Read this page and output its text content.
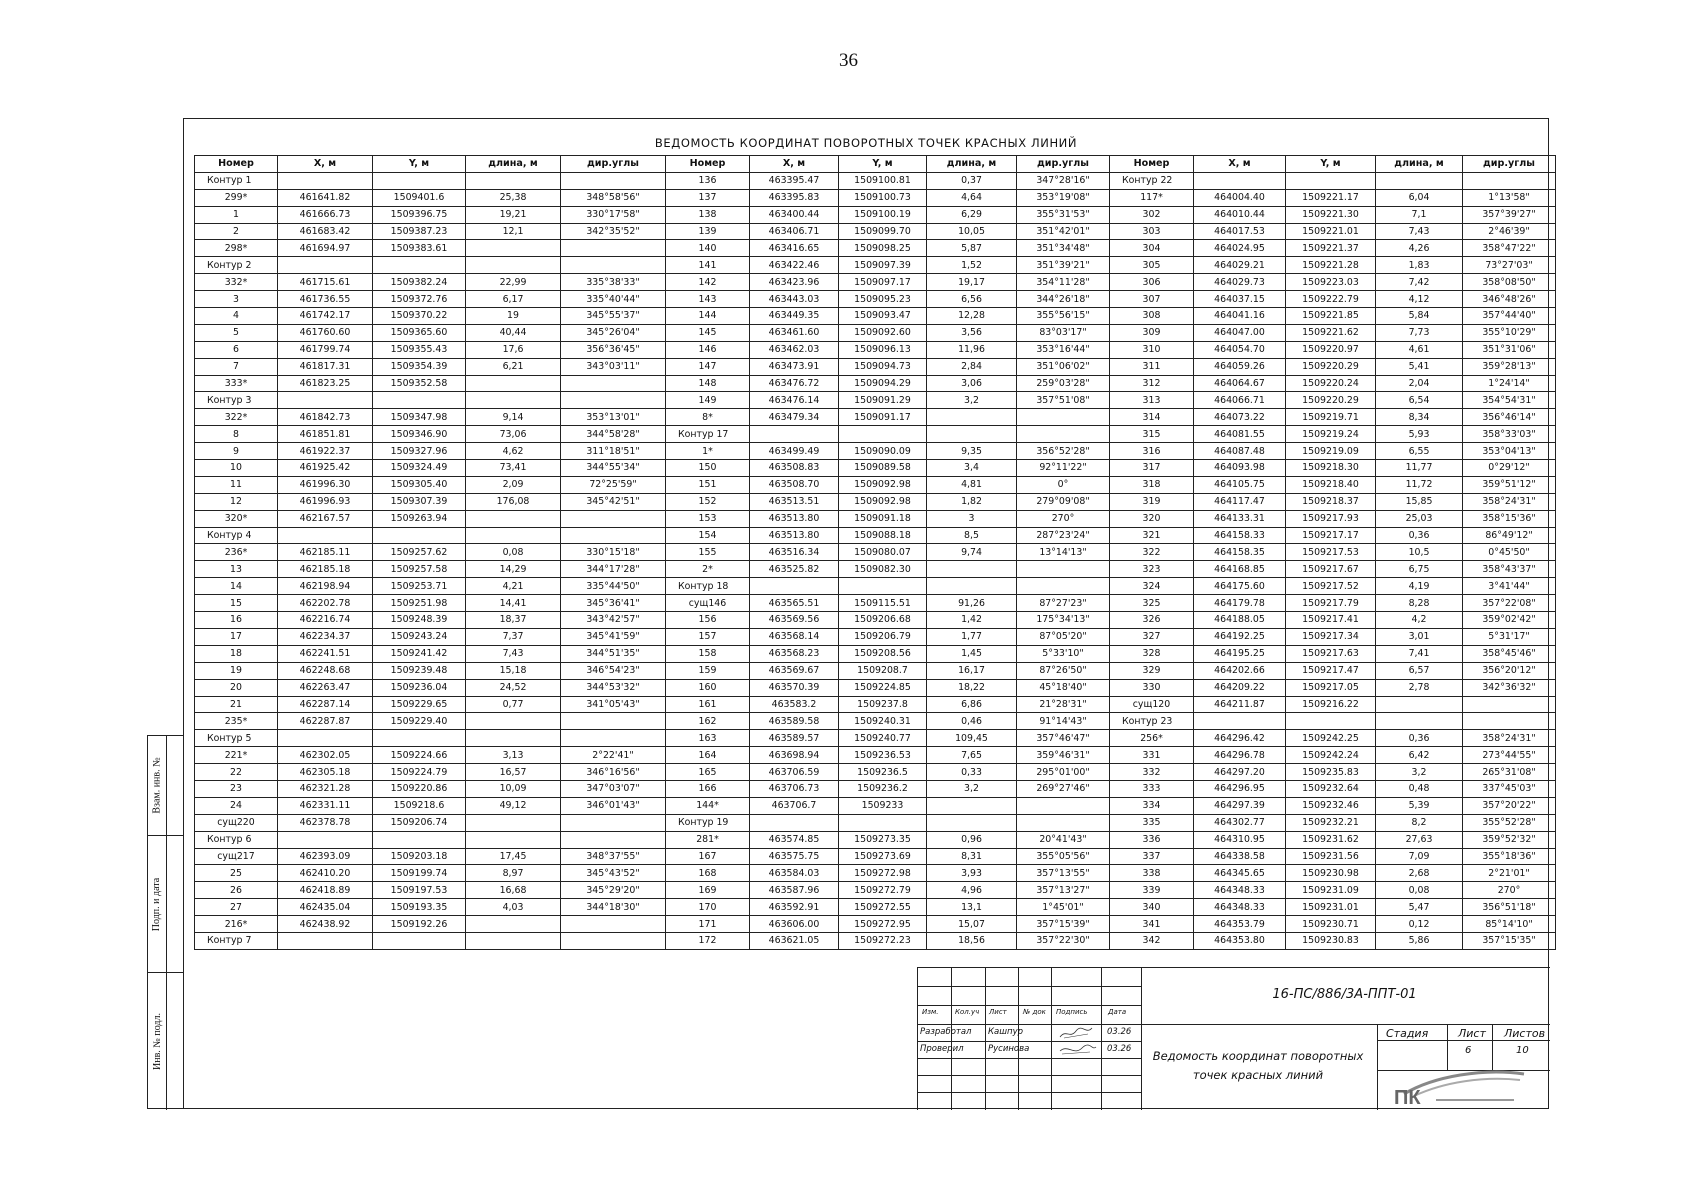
36
Взам. инв. №
Подп. и дата
Инв. № подл.
ВЕДОМОСТЬ КООРДИНАТ ПОВОРОТНЫХ ТОЧЕК КРАСНЫХ ЛИНИЙ
Номер	X, м	Y, м	длина, м	дир.углы	Номер	X, м	Y, м	длина, м	дир.углы	Номер	X, м	Y, м	длина, м	дир.углы
Контур 1					136	463395.47	1509100.81	0,37	347°28'16"	Контур 22				
299*	461641.82	1509401.6	25,38	348°58'56"	137	463395.83	1509100.73	4,64	353°19'08"	117*	464004.40	1509221.17	6,04	1°13'58"
1	461666.73	1509396.75	19,21	330°17'58"	138	463400.44	1509100.19	6,29	355°31'53"	302	464010.44	1509221.30	7,1	357°39'27"
2	461683.42	1509387.23	12,1	342°35'52"	139	463406.71	1509099.70	10,05	351°42'01"	303	464017.53	1509221.01	7,43	2°46'39"
298*	461694.97	1509383.61			140	463416.65	1509098.25	5,87	351°34'48"	304	464024.95	1509221.37	4,26	358°47'22"
Контур 2					141	463422.46	1509097.39	1,52	351°39'21"	305	464029.21	1509221.28	1,83	73°27'03"
332*	461715.61	1509382.24	22,99	335°38'33"	142	463423.96	1509097.17	19,17	354°11'28"	306	464029.73	1509223.03	7,42	358°08'50"
3	461736.55	1509372.76	6,17	335°40'44"	143	463443.03	1509095.23	6,56	344°26'18"	307	464037.15	1509222.79	4,12	346°48'26"
4	461742.17	1509370.22	19	345°55'37"	144	463449.35	1509093.47	12,28	355°56'15"	308	464041.16	1509221.85	5,84	357°44'40"
5	461760.60	1509365.60	40,44	345°26'04"	145	463461.60	1509092.60	3,56	83°03'17"	309	464047.00	1509221.62	7,73	355°10'29"
6	461799.74	1509355.43	17,6	356°36'45"	146	463462.03	1509096.13	11,96	353°16'44"	310	464054.70	1509220.97	4,61	351°31'06"
7	461817.31	1509354.39	6,21	343°03'11"	147	463473.91	1509094.73	2,84	351°06'02"	311	464059.26	1509220.29	5,41	359°28'13"
333*	461823.25	1509352.58			148	463476.72	1509094.29	3,06	259°03'28"	312	464064.67	1509220.24	2,04	1°24'14"
Контур 3					149	463476.14	1509091.29	3,2	357°51'08"	313	464066.71	1509220.29	6,54	354°54'31"
322*	461842.73	1509347.98	9,14	353°13'01"	8*	463479.34	1509091.17			314	464073.22	1509219.71	8,34	356°46'14"
8	461851.81	1509346.90	73,06	344°58'28"	Контур 17					315	464081.55	1509219.24	5,93	358°33'03"
9	461922.37	1509327.96	4,62	311°18'51"	1*	463499.49	1509090.09	9,35	356°52'28"	316	464087.48	1509219.09	6,55	353°04'13"
10	461925.42	1509324.49	73,41	344°55'34"	150	463508.83	1509089.58	3,4	92°11'22"	317	464093.98	1509218.30	11,77	0°29'12"
11	461996.30	1509305.40	2,09	72°25'59"	151	463508.70	1509092.98	4,81	0°	318	464105.75	1509218.40	11,72	359°51'12"
12	461996.93	1509307.39	176,08	345°42'51"	152	463513.51	1509092.98	1,82	279°09'08"	319	464117.47	1509218.37	15,85	358°24'31"
320*	462167.57	1509263.94			153	463513.80	1509091.18	3	270°	320	464133.31	1509217.93	25,03	358°15'36"
Контур 4					154	463513.80	1509088.18	8,5	287°23'24"	321	464158.33	1509217.17	0,36	86°49'12"
236*	462185.11	1509257.62	0,08	330°15'18"	155	463516.34	1509080.07	9,74	13°14'13"	322	464158.35	1509217.53	10,5	0°45'50"
13	462185.18	1509257.58	14,29	344°17'28"	2*	463525.82	1509082.30			323	464168.85	1509217.67	6,75	358°43'37"
14	462198.94	1509253.71	4,21	335°44'50"	Контур 18					324	464175.60	1509217.52	4,19	3°41'44"
15	462202.78	1509251.98	14,41	345°36'41"	сущ146	463565.51	1509115.51	91,26	87°27'23"	325	464179.78	1509217.79	8,28	357°22'08"
16	462216.74	1509248.39	18,37	343°42'57"	156	463569.56	1509206.68	1,42	175°34'13"	326	464188.05	1509217.41	4,2	359°02'42"
17	462234.37	1509243.24	7,37	345°41'59"	157	463568.14	1509206.79	1,77	87°05'20"	327	464192.25	1509217.34	3,01	5°31'17"
18	462241.51	1509241.42	7,43	344°51'35"	158	463568.23	1509208.56	1,45	5°33'10"	328	464195.25	1509217.63	7,41	358°45'46"
19	462248.68	1509239.48	15,18	346°54'23"	159	463569.67	1509208.7	16,17	87°26'50"	329	464202.66	1509217.47	6,57	356°20'12"
20	462263.47	1509236.04	24,52	344°53'32"	160	463570.39	1509224.85	18,22	45°18'40"	330	464209.22	1509217.05	2,78	342°36'32"
21	462287.14	1509229.65	0,77	341°05'43"	161	463583.2	1509237.8	6,86	21°28'31"	сущ120	464211.87	1509216.22		
235*	462287.87	1509229.40			162	463589.58	1509240.31	0,46	91°14'43"	Контур 23				
Контур 5					163	463589.57	1509240.77	109,45	357°46'47"	256*	464296.42	1509242.25	0,36	358°24'31"
221*	462302.05	1509224.66	3,13	2°22'41"	164	463698.94	1509236.53	7,65	359°46'31"	331	464296.78	1509242.24	6,42	273°44'55"
22	462305.18	1509224.79	16,57	346°16'56"	165	463706.59	1509236.5	0,33	295°01'00"	332	464297.20	1509235.83	3,2	265°31'08"
23	462321.28	1509220.86	10,09	347°03'07"	166	463706.73	1509236.2	3,2	269°27'46"	333	464296.95	1509232.64	0,48	337°45'03"
24	462331.11	1509218.6	49,12	346°01'43"	144*	463706.7	1509233			334	464297.39	1509232.46	5,39	357°20'22"
сущ220	462378.78	1509206.74			Контур 19					335	464302.77	1509232.21	8,2	355°52'28"
Контур 6					281*	463574.85	1509273.35	0,96	20°41'43"	336	464310.95	1509231.62	27,63	359°52'32"
сущ217	462393.09	1509203.18	17,45	348°37'55"	167	463575.75	1509273.69	8,31	355°05'56"	337	464338.58	1509231.56	7,09	355°18'36"
25	462410.20	1509199.74	8,97	345°43'52"	168	463584.03	1509272.98	3,93	357°13'55"	338	464345.65	1509230.98	2,68	2°21'01"
26	462418.89	1509197.53	16,68	345°29'20"	169	463587.96	1509272.79	4,96	357°13'27"	339	464348.33	1509231.09	0,08	270°
27	462435.04	1509193.35	4,03	344°18'30"	170	463592.91	1509272.55	13,1	1°45'01"	340	464348.33	1509231.01	5,47	356°51'18"
216*	462438.92	1509192.26			171	463606.00	1509272.95	15,07	357°15'39"	341	464353.79	1509230.71	0,12	85°14'10"
Контур 7					172	463621.05	1509272.23	18,56	357°22'30"	342	464353.80	1509230.83	5,86	357°15'35"
Изм. Кол.уч Лист № док Подпись	Дата
Разработал Кашпур	03.26
Проверил	Русинова	03.26
Стадия	Лист Листов
6	10
16-ПС/886/3А-ППТ-01
Ведомость координат поворотных
точек красных линий
ПК
